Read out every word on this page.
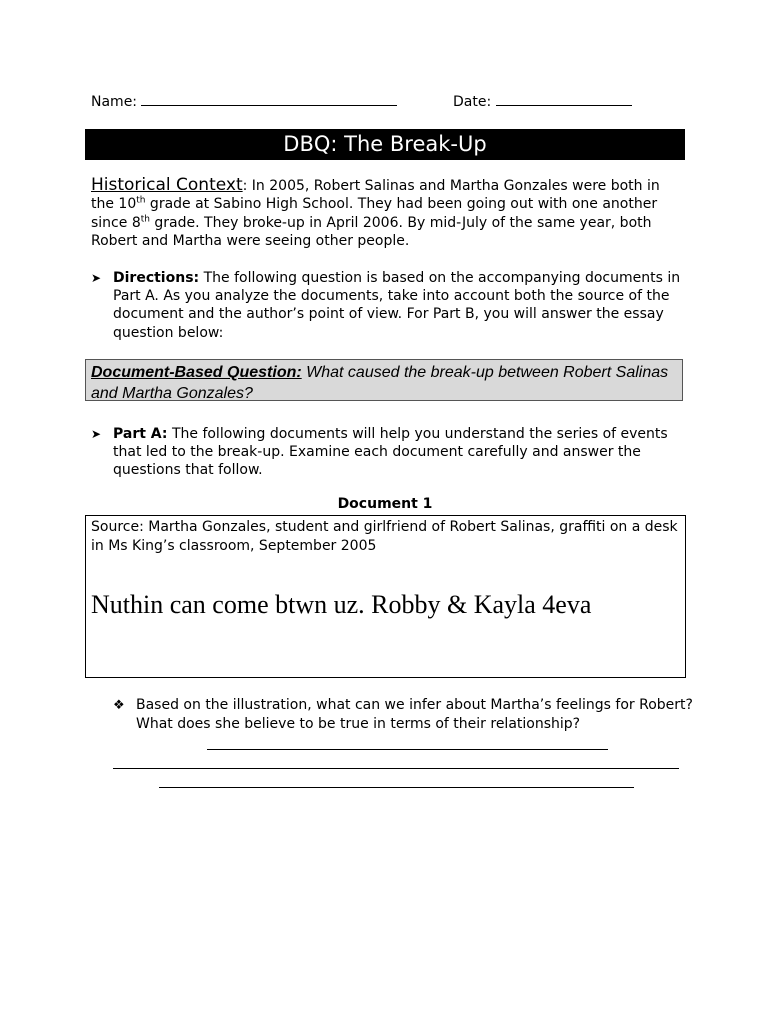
Name:	Date:
DBQ: The Break-Up
Historical Context: In 2005, Robert Salinas and Martha Gonzales were both in the 10th grade at Sabino High School. They had been going out with one another since 8th grade. They broke-up in April 2006. By mid-July of the same year, both Robert and Martha were seeing other people.
➤ Directions: The following question is based on the accompanying documents in Part A. As you analyze the documents, take into account both the source of the document and the author’s point of view. For Part B, you will answer the essay question below:
Document-Based Question: What caused the break-up between Robert Salinas and Martha Gonzales?
➤ Part A: The following documents will help you understand the series of events that led to the break-up. Examine each document carefully and answer the questions that follow.
Document 1
Source: Martha Gonzales, student and girlfriend of Robert Salinas, graffiti on a desk in Ms King’s classroom, September 2005
Nuthin can come btwn uz. Robby & Kayla 4eva
❖ Based on the illustration, what can we infer about Martha’s feelings for Robert? What does she believe to be true in terms of their relationship?
